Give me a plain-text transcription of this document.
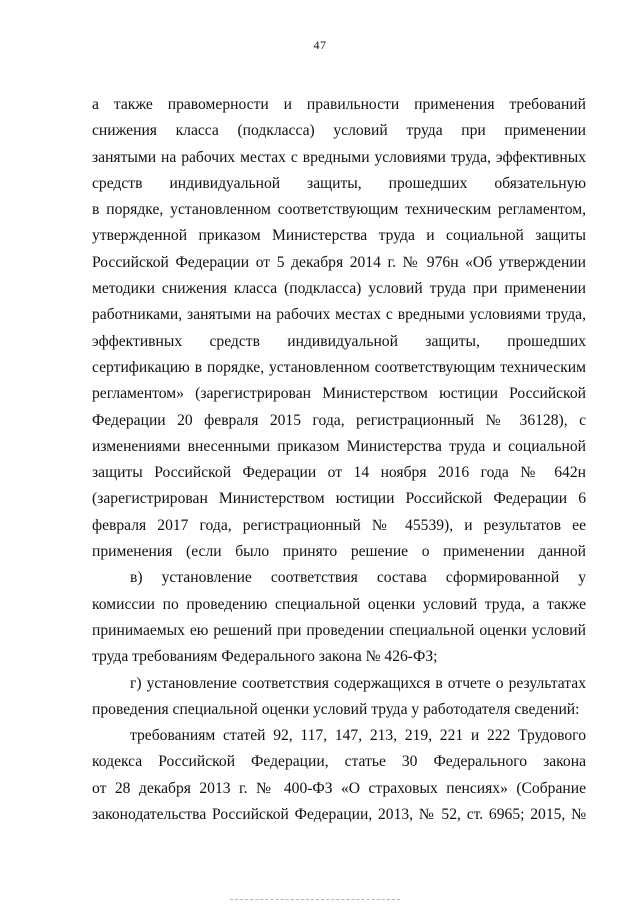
47
а также правомерности и правильности применения требований
снижения класса (подкласса) условий труда при применении
занятыми на рабочих местах с вредными условиями труда, эффективных
средств индивидуальной защиты, прошедших обязательную
в порядке, установленном соответствующим техническим регламентом,
утвержденной приказом Министерства труда и социальной защиты
Российской Федерации от 5 декабря 2014 г. № 976н «Об утверждении
методики снижения класса (подкласса) условий труда при применении
работниками, занятыми на рабочих местах с вредными условиями труда,
эффективных средств индивидуальной защиты, прошедших
сертификацию в порядке, установленном соответствующим техническим
регламентом» (зарегистрирован Министерством юстиции Российской
Федерации 20 февраля 2015 года, регистрационный № 36128), с
изменениями внесенными приказом Министерства труда и социальной
защиты Российской Федерации от 14 ноября 2016 года № 642н
(зарегистрирован Министерством юстиции Российской Федерации 6
февраля 2017 года, регистрационный № 45539), и результатов ее
применения (если было принято решение о применении данной
в) установление соответствия состава сформированной у
комиссии по проведению специальной оценки условий труда, а также
принимаемых ею решений при проведении специальной оценки условий
труда требованиям Федерального закона № 426-ФЗ;
г) установление соответствия содержащихся в отчете о результатах
проведения специальной оценки условий труда у работодателя сведений:
требованиям статей 92, 117, 147, 213, 219, 221 и 222 Трудового
кодекса Российской Федерации, статье 30 Федерального закона
от 28 декабря 2013 г. № 400-ФЗ «О страховых пенсиях» (Собрание
законодательства Российской Федерации, 2013, № 52, ст. 6965; 2015, №
